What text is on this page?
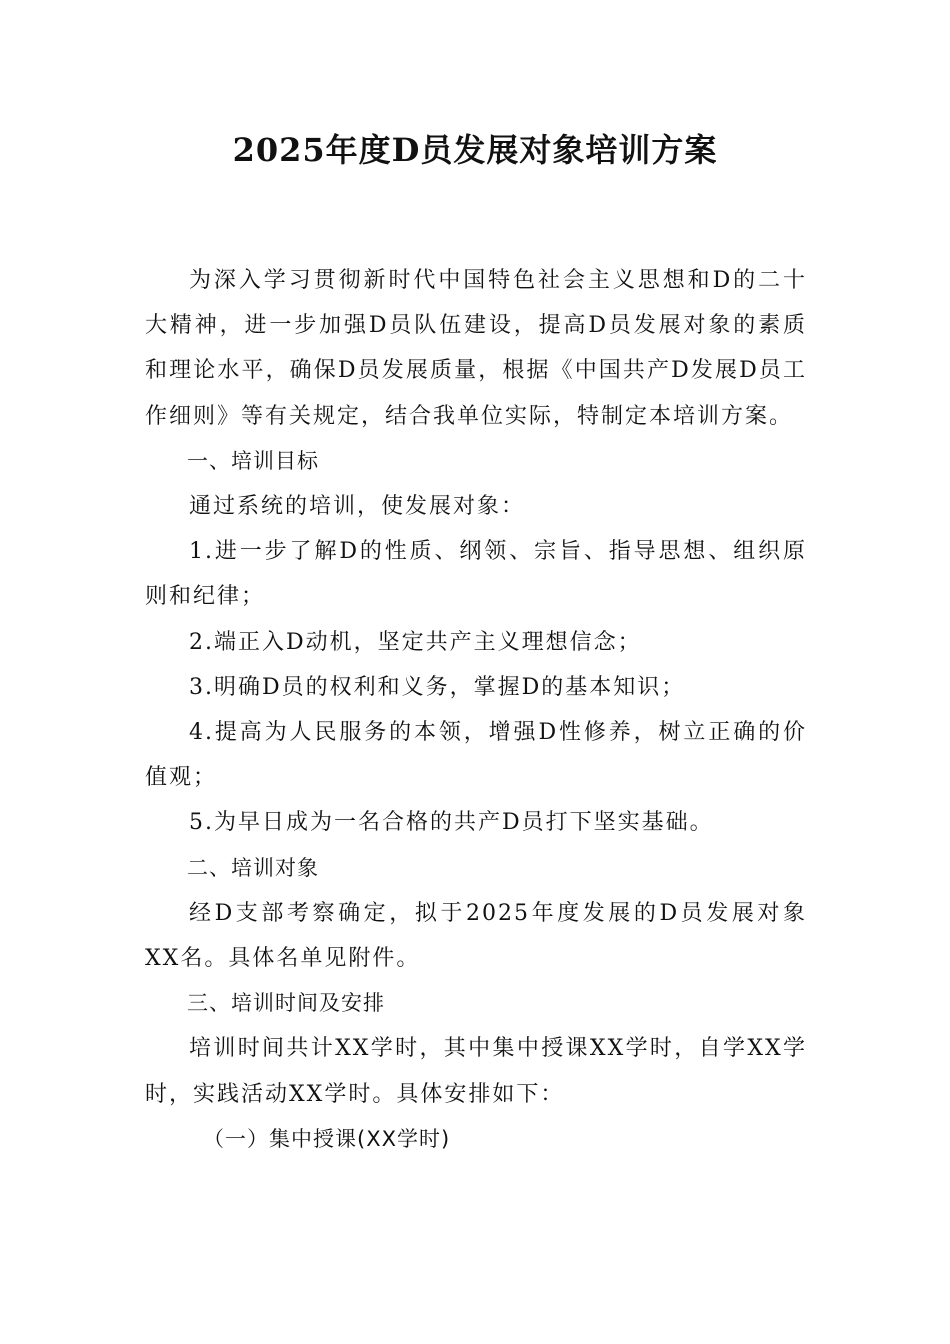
2025年度D员发展对象培训方案

为深入学习贯彻新时代中国特色社会主义思想和D的二十大精神，进一步加强D员队伍建设，提高D员发展对象的素质和理论水平，确保D员发展质量，根据《中国共产D发展D员工作细则》等有关规定，结合我单位实际，特制定本培训方案。

一、培训目标

通过系统的培训，使发展对象：

1.进一步了解D的性质、纲领、宗旨、指导思想、组织原则和纪律；

2.端正入D动机，坚定共产主义理想信念；

3.明确D员的权利和义务，掌握D的基本知识；

4.提高为人民服务的本领，增强D性修养，树立正确的价值观；

5.为早日成为一名合格的共产D员打下坚实基础。

二、培训对象

经D支部考察确定，拟于2025年度发展的D员发展对象XX名。具体名单见附件。

三、培训时间及安排

培训时间共计XX学时，其中集中授课XX学时，自学XX学时，实践活动XX学时。具体安排如下：

（一）集中授课(XX学时)
